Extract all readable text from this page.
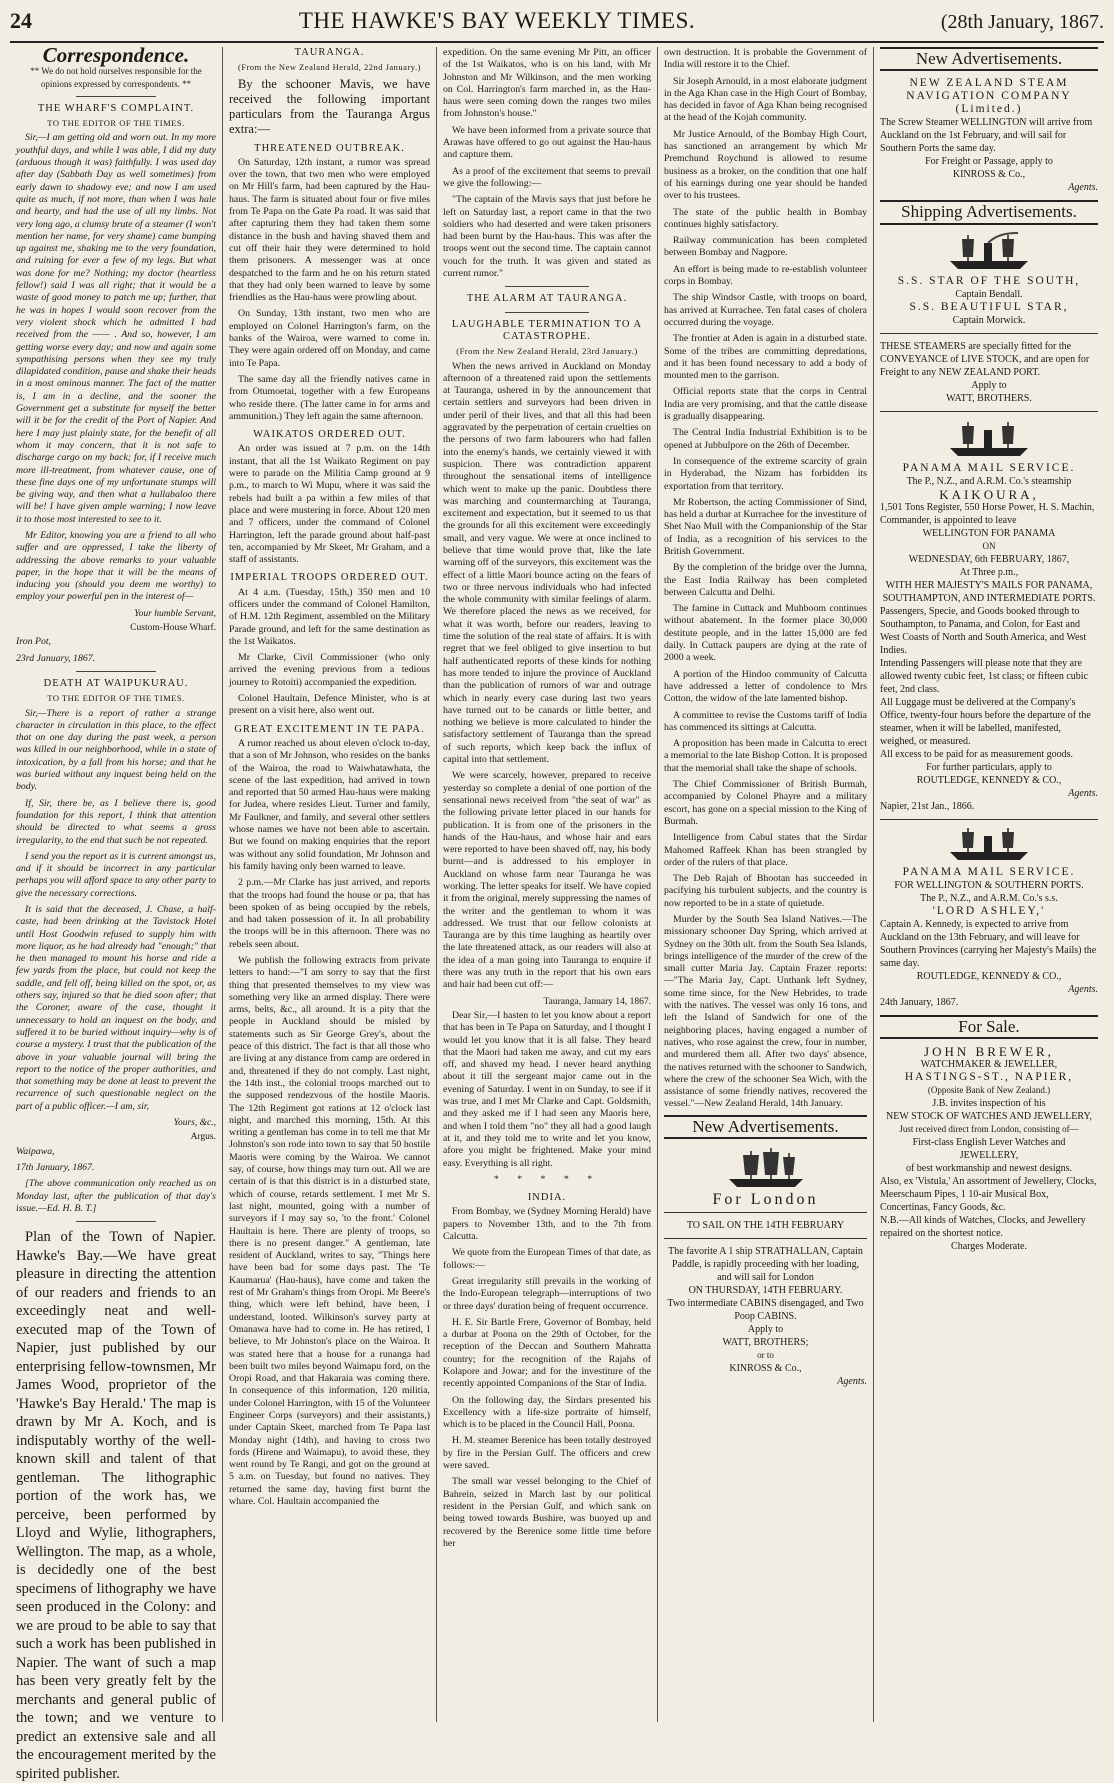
24	THE HAWKE'S BAY WEEKLY TIMES.	(28th January, 1867.
Correspondence.

** We do not hold ourselves responsible for the opinions expressed by correspondents. **

THE WHARF'S COMPLAINT.
TO THE EDITOR OF THE TIMES.

Sir,—I am getting old and worn out. In my more youthful days, and while I was able, I did my duty (arduous though it was) faithfully. I was used day after day (Sabbath Day as well sometimes) from early dawn to shadowy eve; and now I am used quite as much, if not more, than when I was hale and hearty, and had the use of all my limbs. Not very long ago, a clumsy brute of a steamer (I won't mention her name, for very shame) came bumping up against me, shaking me to the very foundation, and ruining for ever a few of my legs. But what was done for me? Nothing; my doctor (heartless fellow!) said I was all right; that it would be a waste of good money to patch me up; further, that he was in hopes I would soon recover from the very violent shock which he admitted I had received from the —— . And so, however, I am getting worse every day; and now and again some sympathising persons when they see my truly dilapidated condition, pause and shake their heads in a most ominous manner. The fact of the matter is, I am in a decline, and the sooner the Government get a substitute for myself the better will it be for the credit of the Port of Napier. And here I may just plainly state, for the benefit of all whom it may concern, that it is not safe to discharge cargo on my back; for, if I receive much more ill-treatment, from whatever cause, one of these fine days one of my unfortunate stumps will be giving way, and then what a hullabaloo there will be! I have given ample warning; I now leave it to those most interested to see to it.

Mr Editor, knowing you are a friend to all who suffer and are oppressed, I take the liberty of addressing the above remarks to your valuable paper, in the hope that it will be the means of inducing you (should you deem me worthy) to employ your powerful pen in the interest of—

Your humble Servant,
Custom-House Wharf.

Iron Pot,

23rd January, 1867.

DEATH AT WAIPUKURAU.
TO THE EDITOR OF THE TIMES.

Sir,—There is a report of rather a strange character in circulation in this place, to the effect that on one day during the past week, a person was killed in our neighborhood, while in a state of intoxication, by a fall from his horse; and that he was buried without any inquest being held on the body.

If, Sir, there be, as I believe there is, good foundation for this report, I think that attention should be directed to what seems a gross irregularity, to the end that such be not repeated.

I send you the report as it is current amongst us, and if it should be incorrect in any particular perhaps you will afford space to any other party to give the necessary corrections.

It is said that the deceased, J. Chase, a half-caste, had been drinking at the Tavistock Hotel until Host Goodwin refused to supply him with more liquor, as he had already had "enough;" that he then managed to mount his horse and ride a few yards from the place, but could not keep the saddle, and fell off, being killed on the spot, or, as others say, injured so that he died soon after; that the Coroner, aware of the case, thought it unnecessary to hold an inquest on the body, and suffered it to be buried without inquiry—why is of course a mystery. I trust that the publication of the above in your valuable journal will bring the report to the notice of the proper authorities, and that something may be done at least to prevent the recurrence of such questionable neglect on the part of a public officer.—I am, sir,

Yours, &c.,
Argus.

Waipawa,

17th January, 1867.

[The above communication only reached us on Monday last, after the publication of that day's issue.—Ed. H. B. T.]

Plan of the Town of Napier. Hawke's Bay.—We have great pleasure in directing the attention of our readers and friends to an exceedingly neat and well-executed map of the Town of Napier, just published by our enterprising fellow-townsmen, Mr James Wood, proprietor of the 'Hawke's Bay Herald.' The map is drawn by Mr A. Koch, and is indisputably worthy of the well-known skill and talent of that gentleman. The lithographic portion of the work has, we perceive, been performed by Lloyd and Wylie, lithographers, Wellington. The map, as a whole, is decidedly one of the best specimens of lithography we have seen produced in the Colony: and we are proud to be able to say that such a work has been published in Napier. The want of such a map has been very greatly felt by the merchants and general public of the town; and we venture to predict an extensive sale and all the encouragement merited by the spirited publisher.

TAURANGA.
(From the New Zealand Herald, 22nd January.)

By the schooner Mavis, we have received the following important particulars from the Tauranga Argus extra:—

THREATENED OUTBREAK.

On Saturday, 12th instant, a rumor was spread over the town, that two men who were employed on Mr Hill's farm, had been captured by the Hau-haus. The farm is situated about four or five miles from Te Papa on the Gate Pa road. It was said that after capturing them they had taken them some distance in the bush and having shaved them and cut off their hair they were determined to hold them prisoners. A messenger was at once despatched to the farm and he on his return stated that they had only been warned to leave by some friendlies as the Hau-haus were prowling about.

On Sunday, 13th instant, two men who are employed on Colonel Harrington's farm, on the banks of the Wairoa, were warned to come in. They were again ordered off on Monday, and came into Te Papa.

The same day all the friendly natives came in from Otumoetai, together with a few Europeans who reside there. (The latter came in for arms and ammunition.) They left again the same afternoon.

WAIKATOS ORDERED OUT.

An order was issued at 7 p.m. on the 14th instant, that all the 1st Waikato Regiment on pay were to parade on the Militia Camp ground at 9 p.m., to march to Wi Mupu, where it was said the rebels had built a pa within a few miles of that place and were mustering in force. About 120 men and 7 officers, under the command of Colonel Harrington, left the parade ground about half-past ten, accompanied by Mr Skeet, Mr Graham, and a staff of assistants.

IMPERIAL TROOPS ORDERED OUT.

At 4 a.m. (Tuesday, 15th,) 350 men and 10 officers under the command of Colonel Hamilton, of H.M. 12th Regiment, assembled on the Military Parade ground, and left for the same destination as the 1st Waikatos.

Mr Clarke, Civil Commissioner (who only arrived the evening previous from a tedious journey to Rotoiti) accompanied the expedition.

Colonel Haultain, Defence Minister, who is at present on a visit here, also went out.

GREAT EXCITEMENT IN TE PAPA.

A rumor reached us about eleven o'clock to-day, that a son of Mr Johnson, who resides on the banks of the Wairoa, the road to Waiwhatawhata, the scene of the last expedition, had arrived in town and reported that 50 armed Hau-haus were making for Judea, where resides Lieut. Turner and family, Mr Faulkner, and family, and several other settlers whose names we have not been able to ascertain. But we found on making enquiries that the report was without any solid foundation, Mr Johnson and his family having only been warned to leave.

2 p.m.—Mr Clarke has just arrived, and reports that the troops had found the house or pa, that has been spoken of as being occupied by the rebels, and had taken possession of it. In all probability the troops will be in this afternoon. There was no rebels seen about.

We publish the following extracts from private letters to hand:—"I am sorry to say that the first thing that presented themselves to my view was something very like an armed display. There were arms, belts, &c., all around. It is a pity that the people in Auckland should be misled by statements such as Sir George Grey's, about the peace of this district. The fact is that all those who are living at any distance from camp are ordered in and, threatened if they do not comply. Last night, the 14th inst., the colonial troops marched out to the supposed rendezvous of the hostile Maoris. The 12th Regiment got rations at 12 o'clock last night, and marched this morning, 15th. At this writing a gentleman has come in to tell me that Mr Johnston's son rode into town to say that 50 hostile Maoris were coming by the Wairoa. We cannot say, of course, how things may turn out. All we are certain of is that this district is in a disturbed state, which of course, retards settlement. I met Mr S. last night, mounted, going with a number of surveyors if I may say so, 'to the front.' Colonel Haultain is here. There are plenty of troops, so there is no present danger." A gentleman, late resident of Auckland, writes to say, "Things here have been bad for some days past. The 'Te Kaumarua' (Hau-haus), have come and taken the rest of Mr Graham's things from Oropi. Mr Beere's thing, which were left behind, have been, I understand, looted. Wilkinson's survey party at Omanawa have had to come in. He has retired, I believe, to Mr Johnston's place on the Wairoa. It was stated here that a house for a runanga had been built two miles beyond Waimapu ford, on the Oropi Road, and that Hakaraia was coming there. In consequence of this information, 120 militia, under Colonel Harrington, with 15 of the Volunteer Engineer Corps (surveyors) and their assistants,) under Captain Skeet, marched from Te Papa last Monday night (14th), and having to cross two fords (Hirene and Waimapu), to avoid these, they went round by Te Rangi, and got on the ground at 5 a.m. on Tuesday, but found no natives. They returned the same day, having first burnt the whare. Col. Haultain accompanied the

expedition. On the same evening Mr Pitt, an officer of the 1st Waikatos, who is on his land, with Mr Johnston and Mr Wilkinson, and the men working on Col. Harrington's farm marched in, as the Hau-haus were seen coming down the ranges two miles from Johnston's house."

We have been informed from a private source that Arawas have offered to go out against the Hau-haus and capture them.

As a proof of the excitement that seems to prevail we give the following:—

"The captain of the Mavis says that just before he left on Saturday last, a report came in that the two soldiers who had deserted and were taken prisoners had been burnt by the Hau-haus. This was after the troops went out the second time. The captain cannot vouch for the truth. It was given and stated as current rumor."

THE ALARM AT TAURANGA.
LAUGHABLE TERMINATION TO A CATASTROPHE.
(From the New Zealand Herald, 23rd January.)

When the news arrived in Auckland on Monday afternoon of a threatened raid upon the settlements at Tauranga, ushered in by the announcement that certain settlers and surveyors had been driven in under peril of their lives, and that all this had been aggravated by the perpetration of certain cruelties on the persons of two farm labourers who had fallen into the enemy's hands, we certainly viewed it with suspicion. There was contradiction apparent throughout the sensational items of intelligence which went to make up the panic. Doubtless there was marching and countermarching at Tauranga, excitement and expectation, but it seemed to us that the grounds for all this excitement were exceedingly small, and very vague. We were at once inclined to believe that time would prove that, like the late warning off of the surveyors, this excitement was the effect of a little Maori bounce acting on the fears of two or three nervous individuals who had infected the whole community with similar feelings of alarm. We therefore placed the news as we received, for what it was worth, before our readers, leaving to time the solution of the real state of affairs. It is with regret that we feel obliged to give insertion to but half authenticated reports of these kinds for nothing has more tended to injure the province of Auckland than the publication of rumors of war and outrage which in nearly every case during last two years have turned out to be canards or little better, and nothing we believe is more calculated to hinder the satisfactory settlement of Tauranga than the spread of such reports, which keep back the influx of capital into that settlement.

We were scarcely, however, prepared to receive yesterday so complete a denial of one portion of the sensational news received from "the seat of war" as the following private letter placed in our hands for publication. It is from one of the prisoners in the hands of the Hau-haus, and whose hair and ears were reported to have been shaved off, nay, his body burnt—and is addressed to his employer in Auckland on whose farm near Tauranga he was working. The letter speaks for itself. We have copied it from the original, merely suppressing the names of the writer and the gentleman to whom it was addressed. We trust that our fellow colonists at Tauranga are by this time laughing as heartily over the late threatened attack, as our readers will also at the idea of a man going into Tauranga to enquire if there was any truth in the report that his own ears and hair had been cut off:—

Tauranga, January 14, 1867.

Dear Sir,—I hasten to let you know about a report that has been in Te Papa on Saturday, and I thought I would let you know that it is all false. They heard that the Maori had taken me away, and cut my ears off, and shaved my head. I never heard anything about it till the sergeant major came out in the evening of Saturday. I went in on Sunday, to see if it was true, and I met Mr Clarke and Capt. Goldsmith, and they asked me if I had seen any Maoris here, and when I told them "no" they all had a good laugh at it, and they told me to write and let you know, afore you might be frightened. Make your mind easy. Everything is all right.

* * * * *
INDIA.

From Bombay, we (Sydney Morning Herald) have papers to November 13th, and to the 7th from Calcutta.

We quote from the European Times of that date, as follows:—

Great irregularity still prevails in the working of the Indo-European telegraph—interruptions of two or three days' duration being of frequent occurrence.

H. E. Sir Bartle Frere, Governor of Bombay, held a durbar at Poona on the 29th of October, for the reception of the Deccan and Southern Mahratta country; for the recognition of the Rajahs of Kolapore and Jowar; and for the investiture of the recently appointed Companions of the Star of India.

On the following day, the Sirdars presented his Excellency with a life-size portraite of himself, which is to be placed in the Council Hall, Poona.

H. M. steamer Berenice has been totally destroyed by fire in the Persian Gulf. The officers and crew were saved.

The small war vessel belonging to the Chief of Bahrein, seized in March last by our political resident in the Persian Gulf, and which sank on being towed towards Bushire, was buoyed up and recovered by the Berenice some little time before her

own destruction. It is probable the Government of India will restore it to the Chief.

Sir Joseph Arnould, in a most elaborate judgment in the Aga Khan case in the High Court of Bombay, has decided in favor of Aga Khan being recognised at the head of the Kojah community.

Mr Justice Arnould, of the Bombay High Court, has sanctioned an arrangement by which Mr Premchund Roychund is allowed to resume business as a broker, on the condition that one half of his earnings during one year should be handed over to his trustees.

The state of the public health in Bombay continues highly satisfactory.

Railway communication has been completed between Bombay and Nagpore.

An effort is being made to re-establish volunteer corps in Bombay.

The ship Windsor Castle, with troops on board, has arrived at Kurrachee. Ten fatal cases of cholera occurred during the voyage.

The frontier at Aden is again in a disturbed state. Some of the tribes are committing depredations, and it has been found necessary to add a body of mounted men to the garrison.

Official reports state that the corps in Central India are very promising, and that the cattle disease is gradually disappearing.

The Central India Industrial Exhibition is to be opened at Jubbulpore on the 26th of December.

In consequence of the extreme scarcity of grain in Hyderabad, the Nizam has forbidden its exportation from that territory.

Mr Robertson, the acting Commissioner of Sind, has held a durbar at Kurrachee for the investiture of Shet Nao Mull with the Companionship of the Star of India, as a recognition of his services to the British Government.

By the completion of the bridge over the Jumna, the East India Railway has been completed between Calcutta and Delhi.

The famine in Cuttack and Muhboom continues without abatement. In the former place 30,000 destitute people, and in the latter 15,000 are fed daily. In Cuttack paupers are dying at the rate of 2000 a week.

A portion of the Hindoo community of Calcutta have addressed a letter of condolence to Mrs Cotton, the widow of the late lamented bishop.

A committee to revise the Customs tariff of India has commenced its sittings at Calcutta.

A proposition has been made in Calcutta to erect a memorial to the late Bishop Cotton. It is proposed that the memorial shall take the shape of schools.

The Chief Commissioner of British Burmah, accompanied by Colonel Phayre and a military escort, has gone on a special mission to the King of Burmah.

Intelligence from Cabul states that the Sirdar Mahomed Raffeek Khan has been strangled by order of the rulers of that place.

The Deb Rajah of Bhootan has succeeded in pacifying his turbulent subjects, and the country is now reported to be in a state of quietude.

Murder by the South Sea Island Natives.—The missionary schooner Day Spring, which arrived at Sydney on the 30th ult. from the South Sea Islands, brings intelligence of the murder of the crew of the small cutter Maria Jay. Captain Frazer reports:—"The Maria Jay, Capt. Unthank left Sydney, some time since, for the New Hebrides, to trade with the natives. The vessel was only 16 tons, and left the Island of Sandwich for one of the neighboring places, having engaged a number of natives, who rose against the crew, four in number, and murdered them all. After two days' absence, the natives returned with the schooner to Sandwich, where the crew of the schooner Sea Wich, with the assistance of some friendly natives, recovered the vessel."—New Zealand Herald, 14th January.

New Advertisements.
For London
TO SAIL ON THE 14TH FEBRUARY
The favorite A 1 ship STRATHALLAN, Captain Paddle, is rapidly proceeding with her loading, and will sail for London
ON THURSDAY, 14TH FEBRUARY.
Two intermediate CABINS disengaged, and Two Poop CABINS.
Apply to
WATT, BROTHERS;
or to
KINROSS & Co.,
Agents.
New Advertisements.
NEW ZEALAND STEAM NAVIGATION COMPANY (Limited.)
The Screw Steamer WELLINGTON will arrive from Auckland on the 1st February, and will sail for Southern Ports the same day.
For Freight or Passage, apply to
KINROSS & Co.,
Agents.
Shipping Advertisements.
S.S. STAR OF THE SOUTH,
Captain Bendall.
S.S. BEAUTIFUL STAR,
Captain Morwick.
THESE STEAMERS are specially fitted for the CONVEYANCE of LIVE STOCK, and are open for Freight to any NEW ZEALAND PORT.
Apply to
WATT, BROTHERS.
PANAMA MAIL SERVICE.
The P., N.Z., and A.R.M. Co.'s steamship
KAIKOURA,
1,501 Tons Register, 550 Horse Power, H. S. Machin, Commander, is appointed to leave
WELLINGTON FOR PANAMA
ON
WEDNESDAY, 6th FEBRUARY, 1867,
At Three p.m.,
WITH HER MAJESTY'S MAILS FOR PANAMA, SOUTHAMPTON, AND INTERMEDIATE PORTS.
Passengers, Specie, and Goods booked through to Southampton, to Panama, and Colon, for East and West Coasts of North and South America, and West Indies.
Intending Passengers will please note that they are allowed twenty cubic feet, 1st class; or fifteen cubic feet, 2nd class.
All Luggage must be delivered at the Company's Office, twenty-four hours before the departure of the steamer, when it will be labelled, manifested, weighed, or measured.
All excess to be paid for as measurement goods.
For further particulars, apply to
ROUTLEDGE, KENNEDY & CO.,
Agents.
Napier, 21st Jan., 1866.
PANAMA MAIL SERVICE.
FOR WELLINGTON & SOUTHERN PORTS.
The P., N.Z., and A.R.M. Co.'s s.s.
'LORD ASHLEY,'
Captain A. Kennedy, is expected to arrive from Auckland on the 13th February, and will leave for Southern Provinces (carrying her Majesty's Mails) the same day.
ROUTLEDGE, KENNEDY & CO.,
Agents.
24th January, 1867.
For Sale.
JOHN BREWER,
WATCHMAKER & JEWELLER,
HASTINGS-ST., NAPIER,
(Opposite Bank of New Zealand.)
J.B. invites inspection of his
NEW STOCK OF WATCHES AND JEWELLERY,
Just received direct from London, consisting of—
First-class English Lever Watches and
JEWELLERY,
of best workmanship and newest designs.
Also, ex 'Vistula,' An assortment of Jewellery, Clocks, Meerschaum Pipes, 1 10-air Musical Box, Concertinas, Fancy Goods, &c.
N.B.—All kinds of Watches, Clocks, and Jewellery repaired on the shortest notice.
Charges Moderate.
